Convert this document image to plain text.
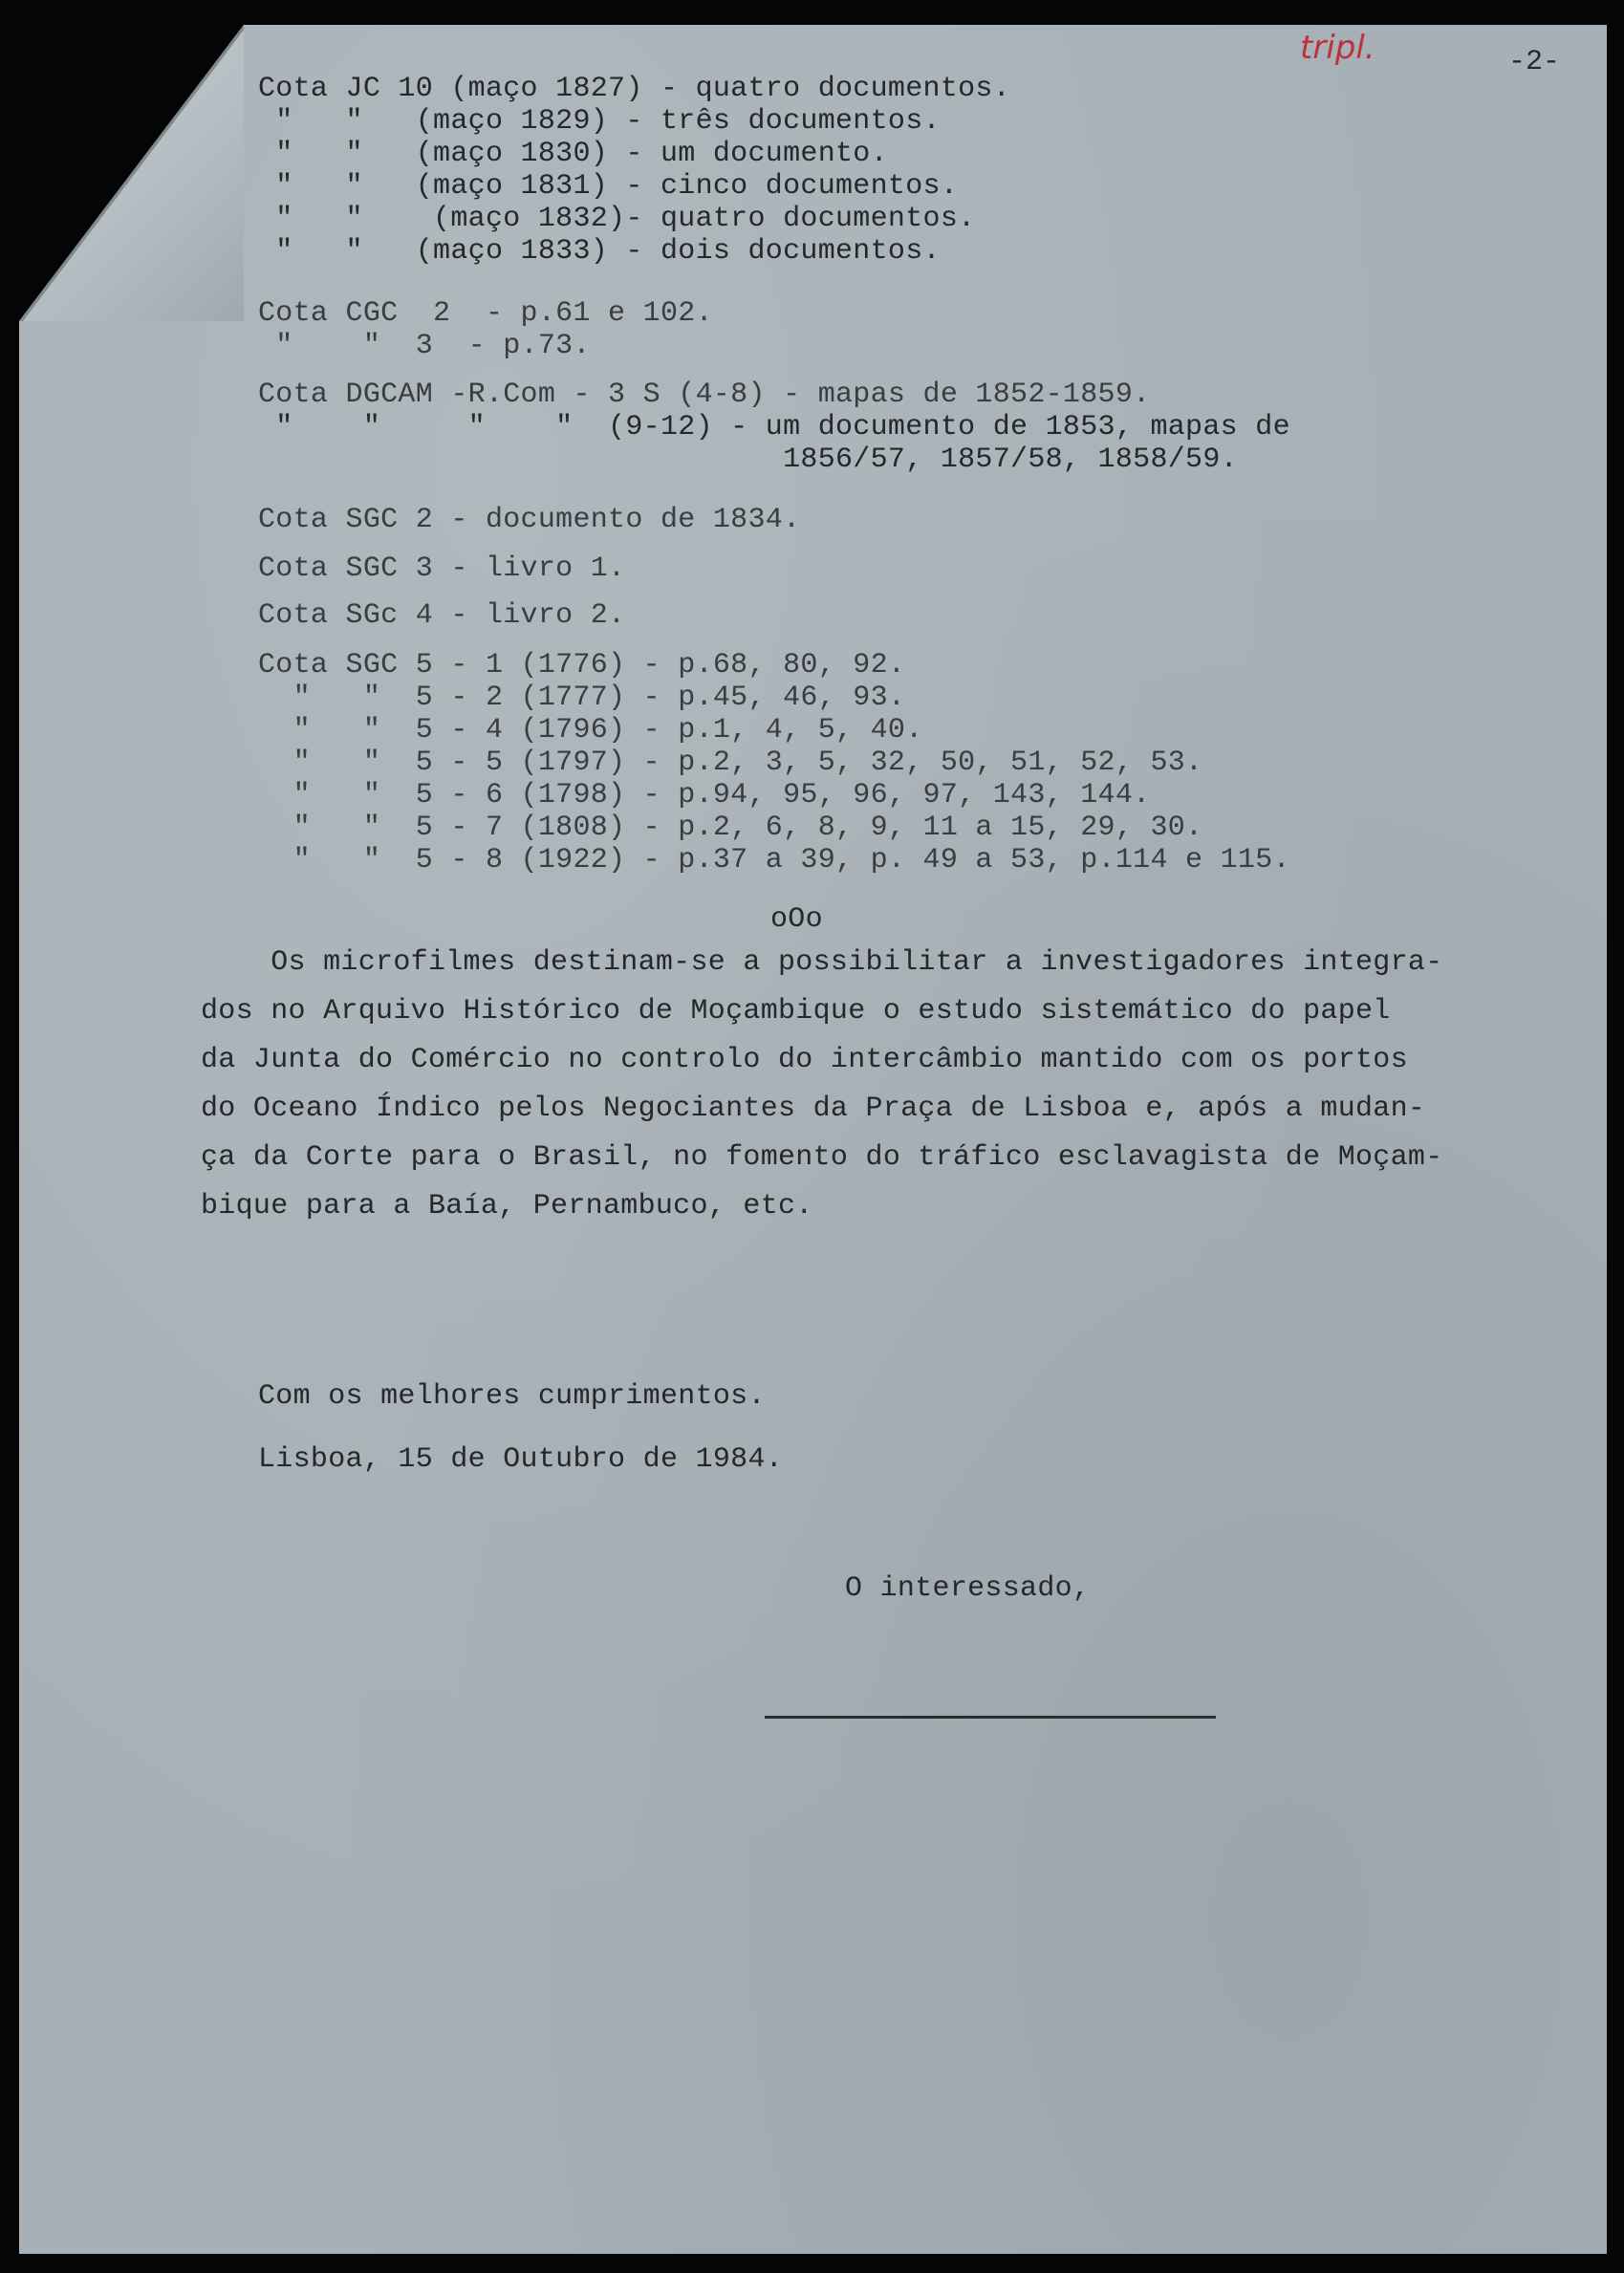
tripl.	-2-
Cota JC 10 (maço 1827) - quatro documentos.
"   "   (maço 1829) - três documentos.
"   "   (maço 1830) - um documento.
"   "   (maço 1831) - cinco documentos.
"   "    (maço 1832)- quatro documentos.
"   "   (maço 1833) - dois documentos.
Cota CGC  2  - p.61 e 102.
"    "  3  - p.73.
Cota DGCAM -R.Com - 3 S (4-8) - mapas de 1852-1859.
"    "     "    "  (9-12) - um documento de 1853, mapas de
1856/57, 1857/58, 1858/59.
Cota SGC 2 - documento de 1834.
Cota SGC 3 - livro 1.
Cota SGc 4 - livro 2.
Cota SGC 5 - 1 (1776) - p.68, 80, 92.
"   "  5 - 2 (1777) - p.45, 46, 93.
"   "  5 - 4 (1796) - p.1, 4, 5, 40.
"   "  5 - 5 (1797) - p.2, 3, 5, 32, 50, 51, 52, 53.
"   "  5 - 6 (1798) - p.94, 95, 96, 97, 143, 144.
"   "  5 - 7 (1808) - p.2, 6, 8, 9, 11 a 15, 29, 30.
"   "  5 - 8 (1922) - p.37 a 39, p. 49 a 53, p.114 e 115.
oOo
Os microfilmes destinam-se a possibilitar a investigadores integra-
dos no Arquivo Histórico de Moçambique o estudo sistemático do papel
da Junta do Comércio no controlo do intercâmbio mantido com os portos
do Oceano Índico pelos Negociantes da Praça de Lisboa e, após a mudan-
ça da Corte para o Brasil, no fomento do tráfico esclavagista de Moçam-
bique para a Baía, Pernambuco, etc.
Com os melhores cumprimentos.
Lisboa, 15 de Outubro de 1984.
O interessado,
